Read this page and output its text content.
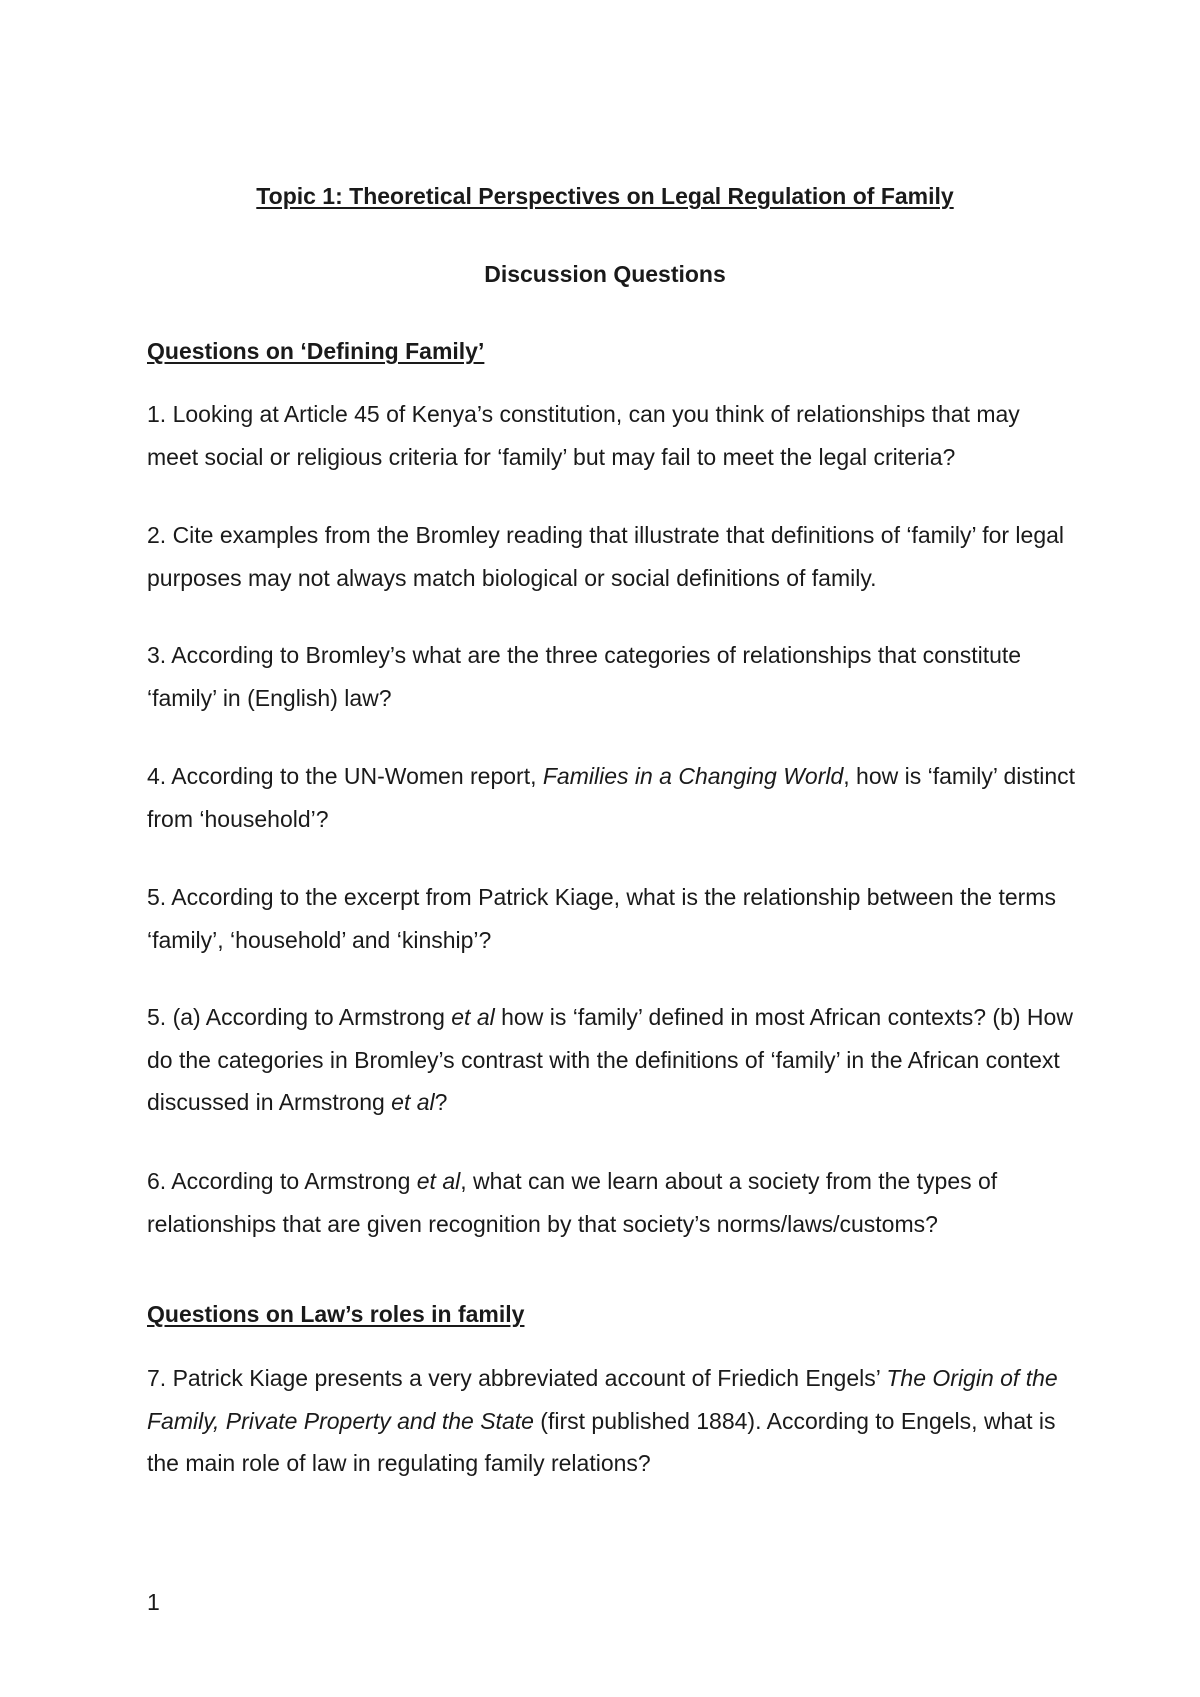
Topic 1: Theoretical Perspectives on Legal Regulation of Family
Discussion Questions
Questions on ‘Defining Family’
1. Looking at Article 45 of Kenya’s constitution, can you think of relationships that may meet social or religious criteria for ‘family’ but may fail to meet the legal criteria?
2. Cite examples from the Bromley reading that illustrate that definitions of ‘family’ for legal purposes may not always match biological or social definitions of family.
3. According to Bromley’s what are the three categories of relationships that constitute ‘family’ in (English) law?
4. According to the UN-Women report, Families in a Changing World, how is ‘family’ distinct from ‘household’?
5. According to the excerpt from Patrick Kiage, what is the relationship between the terms ‘family’, ‘household’ and ‘kinship’?
5. (a) According to Armstrong et al how is ‘family’ defined in most African contexts? (b) How do the categories in Bromley’s contrast with the definitions of ‘family’ in the African context discussed in Armstrong et al?
6. According to Armstrong et al, what can we learn about a society from the types of relationships that are given recognition by that society’s norms/laws/customs?
Questions on Law’s roles in family
7. Patrick Kiage presents a very abbreviated account of Friedich Engels’ The Origin of the Family, Private Property and the State (first published 1884). According to Engels, what is the main role of law in regulating family relations?
1
